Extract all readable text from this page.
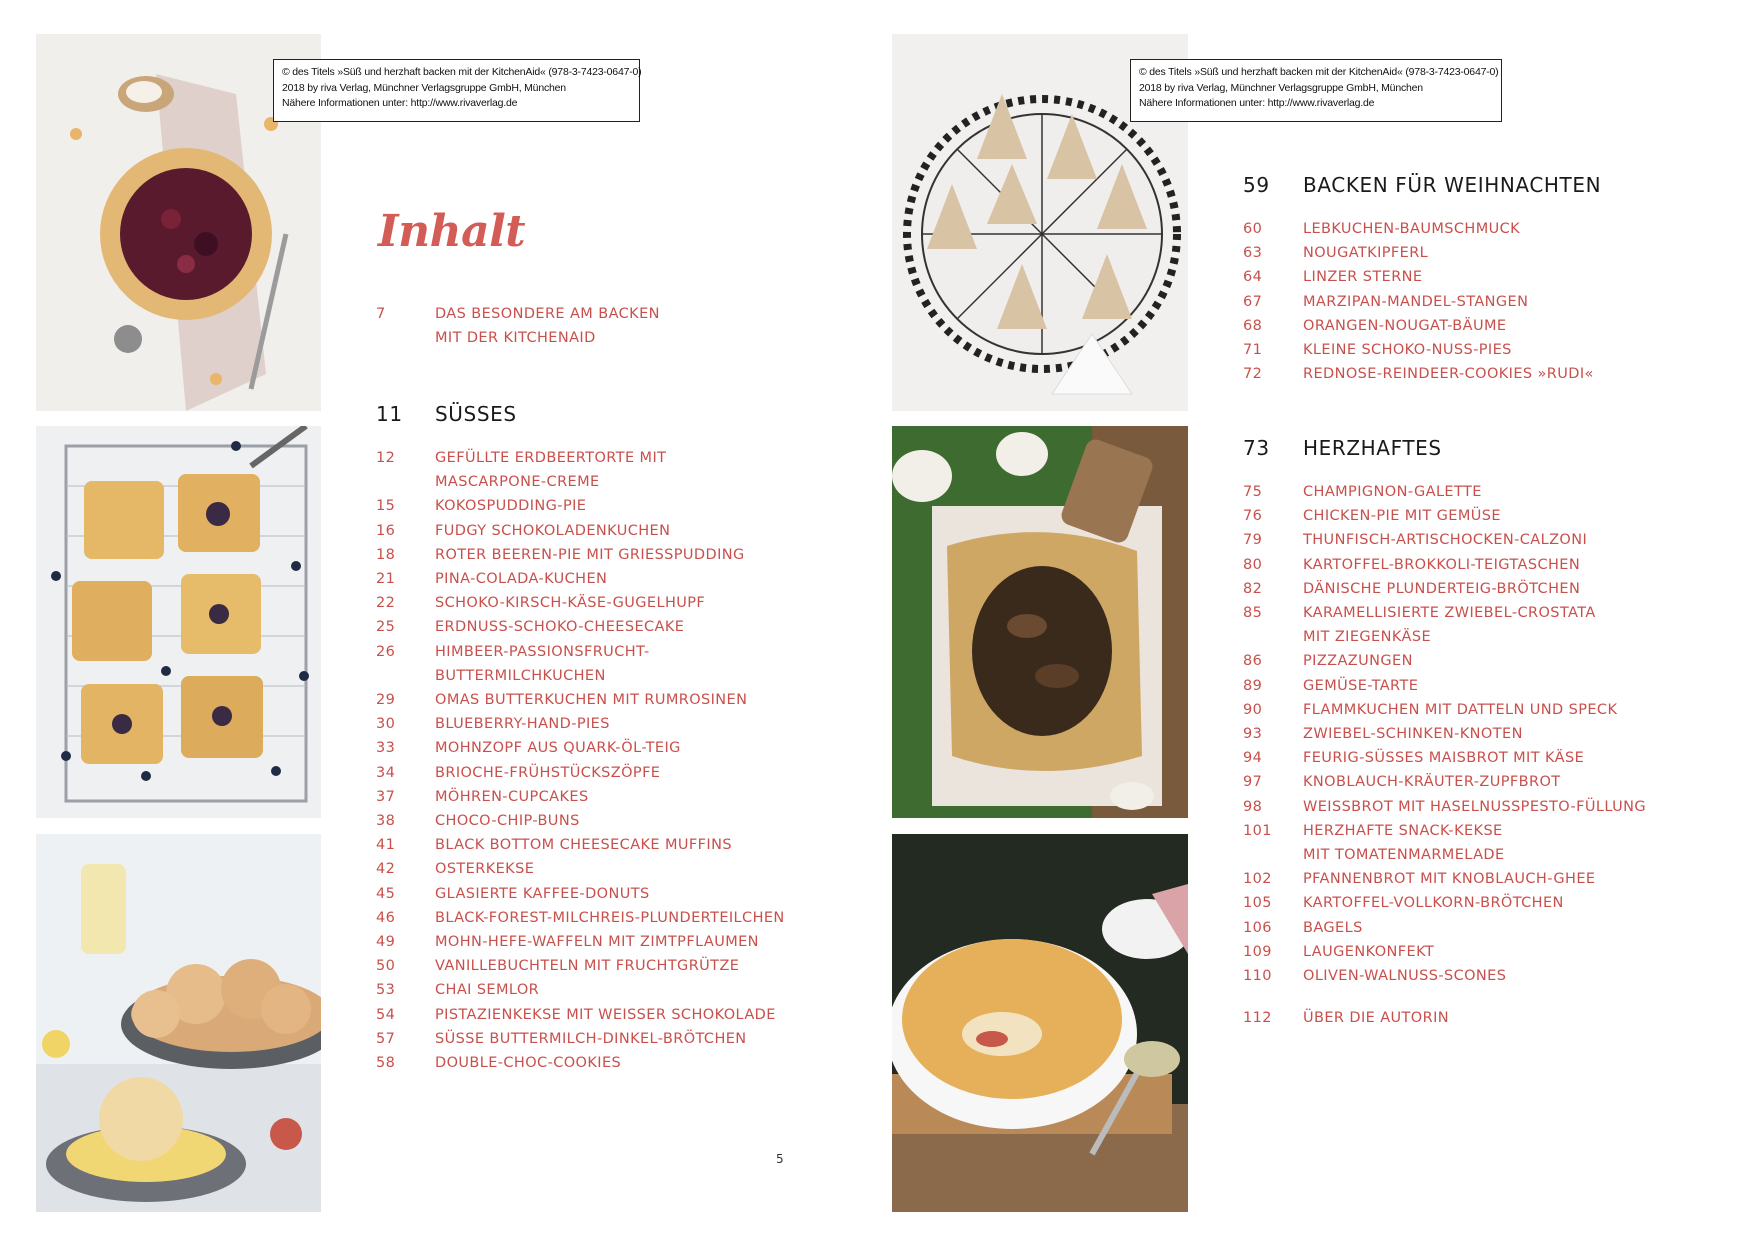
© des Titels »Süß und herzhaft backen mit der KitchenAid« (978-3-7423-0647-0)
2018 by riva Verlag, Münchner Verlagsgruppe GmbH, München
Nähere Informationen unter: http://www.rivaverlag.de
© des Titels »Süß und herzhaft backen mit der KitchenAid« (978-3-7423-0647-0)
2018 by riva Verlag, Münchner Verlagsgruppe GmbH, München
Nähere Informationen unter: http://www.rivaverlag.de
Inhalt
7	DAS BESONDERE AM BACKEN
MIT DER KITCHENAID
11 SÜSSES
12	GEFÜLLTE ERDBEERTORTE MIT
MASCARPONE-CREME
15	KOKOSPUDDING-PIE
16	FUDGY SCHOKOLADENKUCHEN
18	ROTER BEEREN-PIE MIT GRIESSPUDDING
21	PINA-COLADA-KUCHEN
22	SCHOKO-KIRSCH-KÄSE-GUGELHUPF
25	ERDNUSS-SCHOKO-CHEESECAKE
26	HIMBEER-PASSIONSFRUCHT-
BUTTERMILCHKUCHEN
29	OMAS BUTTERKUCHEN MIT RUMROSINEN
30	BLUEBERRY-HAND-PIES
33	MOHNZOPF AUS QUARK-ÖL-TEIG
34	BRIOCHE-FRÜHSTÜCKSZÖPFE
37	MÖHREN-CUPCAKES
38	CHOCO-CHIP-BUNS
41	BLACK BOTTOM CHEESECAKE MUFFINS
42	OSTERKEKSE
45	GLASIERTE KAFFEE-DONUTS
46	BLACK-FOREST-MILCHREIS-PLUNDERTEILCHEN
49	MOHN-HEFE-WAFFELN MIT ZIMTPFLAUMEN
50	VANILLEBUCHTELN MIT FRUCHTGRÜTZE
53	CHAI SEMLOR
54	PISTAZIENKEKSE MIT WEISSER SCHOKOLADE
57	SÜSSE BUTTERMILCH-DINKEL-BRÖTCHEN
58	DOUBLE-CHOC-COOKIES
59 BACKEN FÜR WEIHNACHTEN
60	LEBKUCHEN-BAUMSCHMUCK
63	NOUGATKIPFERL
64	LINZER STERNE
67	MARZIPAN-MANDEL-STANGEN
68	ORANGEN-NOUGAT-BÄUME
71	KLEINE SCHOKO-NUSS-PIES
72	REDNOSE-REINDEER-COOKIES »RUDI«
73 HERZHAFTES
75	CHAMPIGNON-GALETTE
76	CHICKEN-PIE MIT GEMÜSE
79	THUNFISCH-ARTISCHOCKEN-CALZONI
80	KARTOFFEL-BROKKOLI-TEIGTASCHEN
82	DÄNISCHE PLUNDERTEIG-BRÖTCHEN
85	KARAMELLISIERTE ZWIEBEL-CROSTATA
MIT ZIEGENKÄSE
86	PIZZAZUNGEN
89	GEMÜSE-TARTE
90	FLAMMKUCHEN MIT DATTELN UND SPECK
93	ZWIEBEL-SCHINKEN-KNOTEN
94	FEURIG-SÜSSES MAISBROT MIT KÄSE
97	KNOBLAUCH-KRÄUTER-ZUPFBROT
98	WEISSBROT MIT HASELNUSSPESTO-FÜLLUNG
101 HERZHAFTE SNACK-KEKSE
MIT TOMATENMARMELADE
102 PFANNENBROT MIT KNOBLAUCH-GHEE
105 KARTOFFEL-VOLLKORN-BRÖTCHEN
106 BAGELS
109 LAUGENKONFEKT
110 OLIVEN-WALNUSS-SCONES
112 ÜBER DIE AUTORIN
5
